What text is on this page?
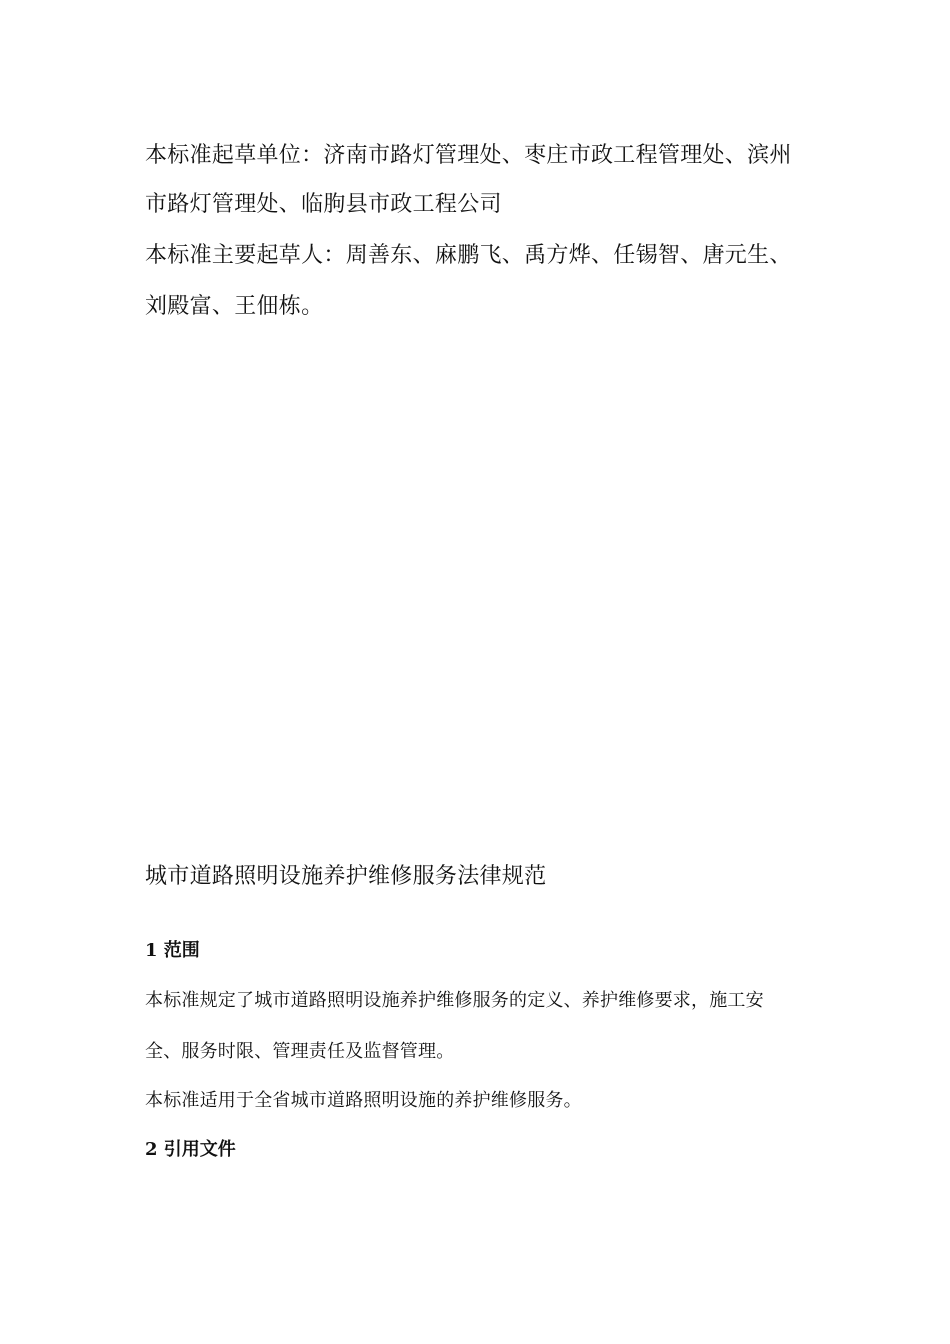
本标准起草单位：济南市路灯管理处、枣庄市政工程管理处、滨州

市路灯管理处、临朐县市政工程公司

本标准主要起草人：周善东、麻鹏飞、禹方烨、任锡智、唐元生、

刘殿富、王佃栋。

城市道路照明设施养护维修服务法律规范

1 范围

本标准规定了城市道路照明设施养护维修服务的定义、养护维修要求，施工安

全、服务时限、管理责任及监督管理。

本标准适用于全省城市道路照明设施的养护维修服务。

2 引用文件
